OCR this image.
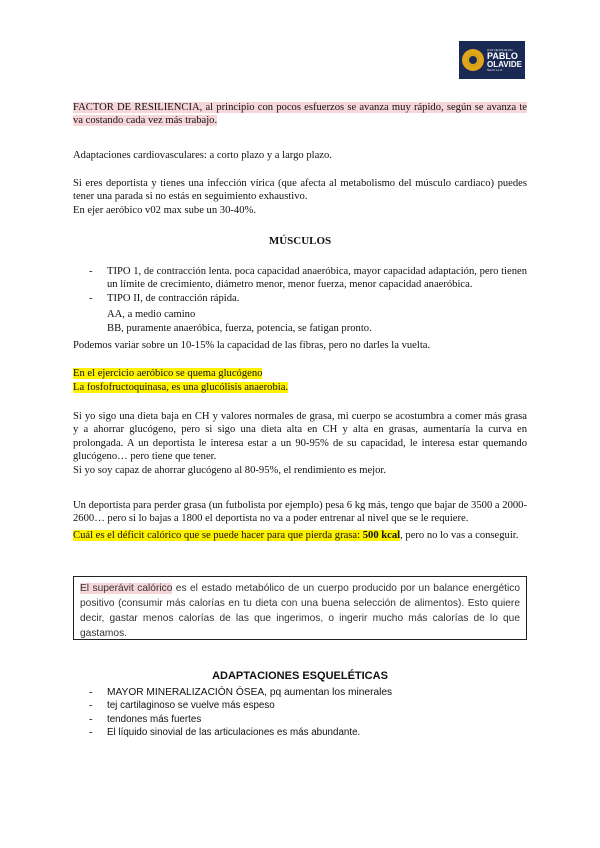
UNIVERSIDAD
PABLO
OLAVIDE
SEVILLA

FACTOR DE RESILIENCIA, al principio con pocos esfuerzos se avanza muy rápido, según se avanza te va costando cada vez más trabajo.

Adaptaciones cardiovasculares: a corto plazo y a largo plazo.

Si eres deportista y tienes una infección vírica (que afecta al metabolismo del músculo cardiaco) puedes tener una parada si no estás en seguimiento exhaustivo.

En ejer aeróbico v02 max sube un 30-40%.

MÚSCULOS

- TIPO 1, de contracción lenta. poca capacidad anaeróbica, mayor capacidad adaptación, pero tienen un límite de crecimiento, diámetro menor, menor fuerza, menor capacidad anaeróbica.
- TIPO II, de contracción rápida.

AA, a medio camino

BB, puramente anaeróbica, fuerza, potencia, se fatigan pronto.

Podemos variar sobre un 10-15% la capacidad de las fibras, pero no darles la vuelta.

En el ejercicio aeróbico se quema glucógeno

La fosfofructoquinasa, es una glucólisis anaerobia.

Si yo sigo una dieta baja en CH y valores normales de grasa, mi cuerpo se acostumbra a comer más grasa y a ahorrar glucógeno, pero si sigo una dieta alta en CH y alta en grasas, aumentaría la curva en prolongada. A un deportista le interesa estar a un 90-95% de su capacidad, le interesa estar quemando glucógeno… pero tiene que tener.

Si yo soy capaz de ahorrar glucógeno al 80-95%, el rendimiento es mejor.

Un deportista para perder grasa (un futbolista por ejemplo) pesa 6 kg más, tengo que bajar de 3500 a 2000-2600… pero si lo bajas a 1800 el deportista no va a poder entrenar al nivel que se le requiere.

Cuál es el déficit calórico que se puede hacer para que pierda grasa: 500 kcal, pero no lo vas a conseguir.

El superávit calórico es el estado metabólico de un cuerpo producido por un balance energético positivo (consumir más calorías en tu dieta con una buena selección de alimentos). Esto quiere decir, gastar menos calorías de las que ingerimos, o ingerir mucho más calorías de lo que gastamos.

ADAPTACIONES ESQUELÉTICAS

- MAYOR MINERALIZACIÓN ÓSEA, pq aumentan los minerales
- tej cartilaginoso se vuelve más espeso
- tendones más fuertes
- El líquido sinovial de las articulaciones es más abundante.
